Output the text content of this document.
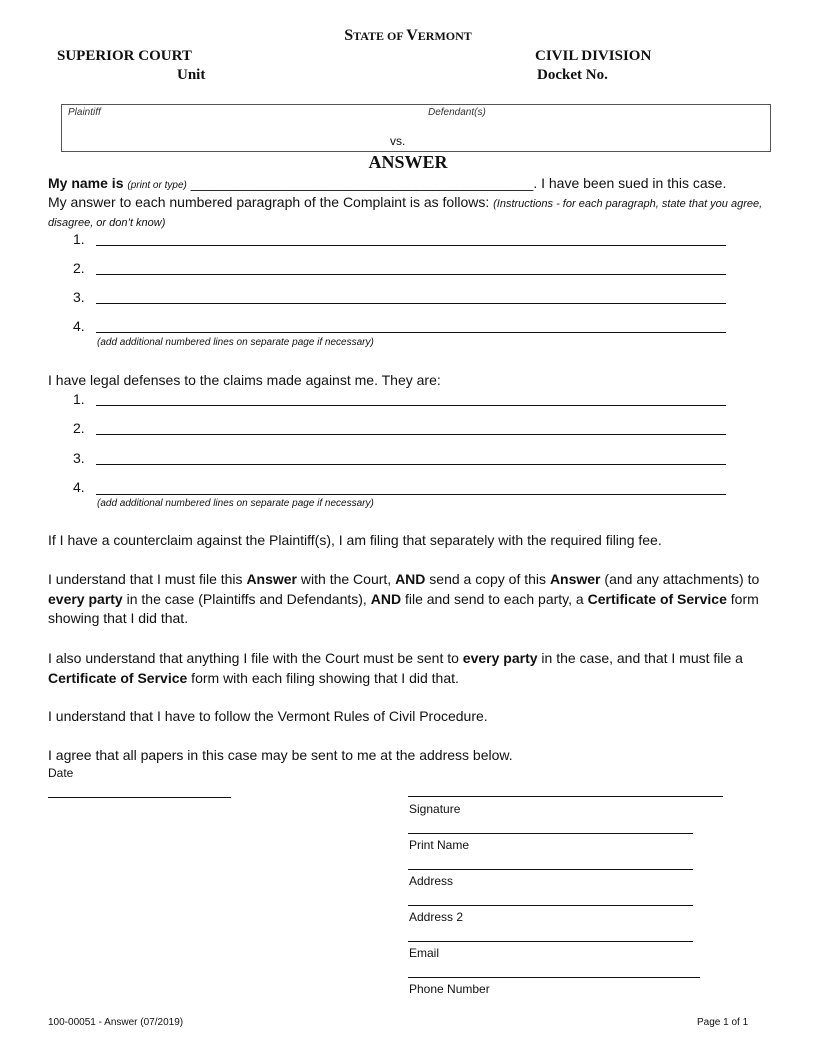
STATE OF VERMONT
SUPERIOR COURT
Unit
CIVIL DIVISION
Docket No.
Plaintiff	Defendant(s)
vs.
ANSWER
My name is (print or type) ____________________________________________. I have been sued in this case.
My answer to each numbered paragraph of the Complaint is as follows: (Instructions - for each paragraph, state that you agree, disagree, or don’t know)
1.
2.
3.
4.
(add additional numbered lines on separate page if necessary)
I have legal defenses to the claims made against me. They are:
1.
2.
3.
4.
(add additional numbered lines on separate page if necessary)
If I have a counterclaim against the Plaintiff(s), I am filing that separately with the required filing fee.
I understand that I must file this Answer with the Court, AND send a copy of this Answer (and any attachments) to every party in the case (Plaintiffs and Defendants), AND file and send to each party, a Certificate of Service form showing that I did that.
I also understand that anything I file with the Court must be sent to every party in the case, and that I must file a Certificate of Service form with each filing showing that I did that.
I understand that I have to follow the Vermont Rules of Civil Procedure.
I agree that all papers in this case may be sent to me at the address below.
Date
Signature
Print Name
Address
Address 2
Email
Phone Number
100-00051 - Answer (07/2019)	Page 1 of 1
